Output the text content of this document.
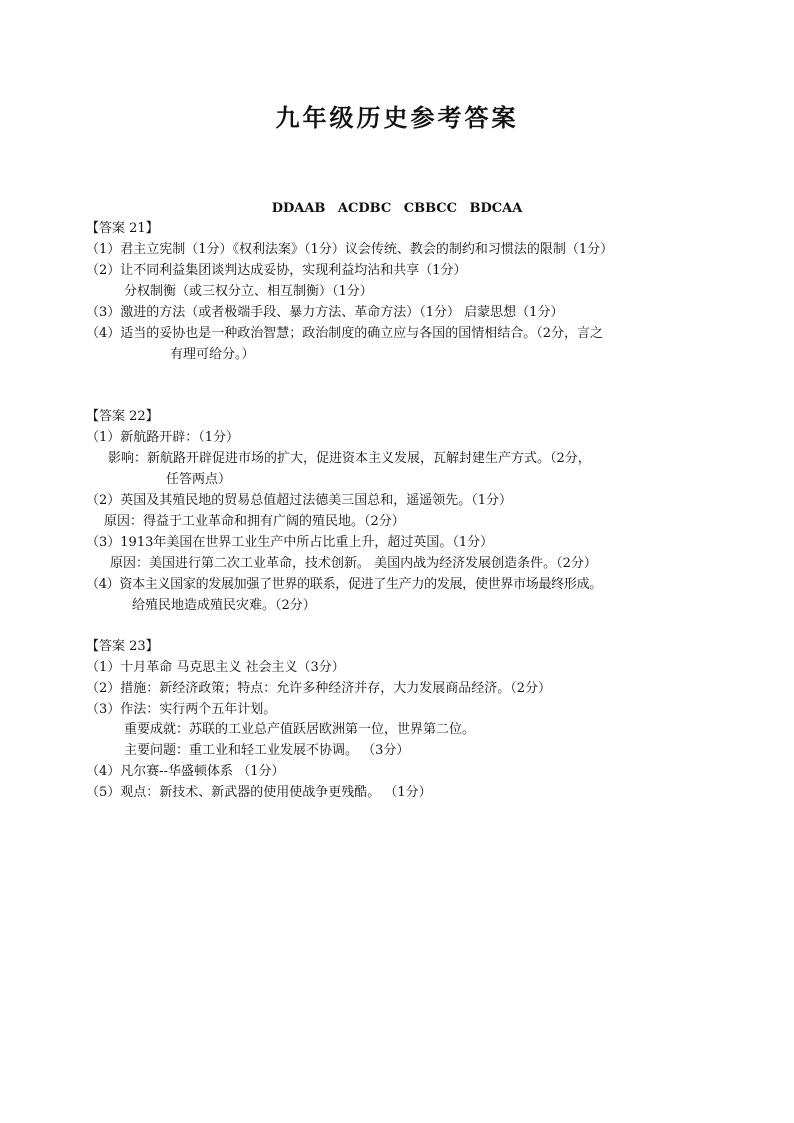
九年级历史参考答案
DDAAB ACDBC CBBCC BDCAA
【答案 21】
（1）君主立宪制（1分）《权利法案》（1分）议会传统、教会的制约和习惯法的限制（1分）
（2）让不同利益集团谈判达成妥协，实现利益均沾和共享（1分）
分权制衡（或三权分立、相互制衡）（1分）
（3）激进的方法（或者极端手段、暴力方法、革命方法）（1分） 启蒙思想（1分）
（4）适当的妥协也是一种政治智慧；政治制度的确立应与各国的国情相结合。（2分，言之
有理可给分。）
【答案 22】
（1）新航路开辟：（1分）
影响：新航路开辟促进市场的扩大，促进资本主义发展，瓦解封建生产方式。（2分，
任答两点）
（2）英国及其殖民地的贸易总值超过法德美三国总和，遥遥领先。（1分）
原因：得益于工业革命和拥有广阔的殖民地。（2分）
（3）1913年美国在世界工业生产中所占比重上升，超过英国。（1分）
原因：美国进行第二次工业革命，技术创新。 美国内战为经济发展创造条件。（2分）
（4）资本主义国家的发展加强了世界的联系，促进了生产力的发展，使世界市场最终形成。
给殖民地造成殖民灾难。（2分）
【答案 23】
（1）十月革命 马克思主义 社会主义（3分）
（2）措施：新经济政策；特点：允许多种经济并存，大力发展商品经济。（2分）
（3）作法：实行两个五年计划。
重要成就：苏联的工业总产值跃居欧洲第一位，世界第二位。
主要问题：重工业和轻工业发展不协调。 （3分）
（4）凡尔赛--华盛顿体系 （1分）
（5）观点：新技术、新武器的使用使战争更残酷。 （1分）
